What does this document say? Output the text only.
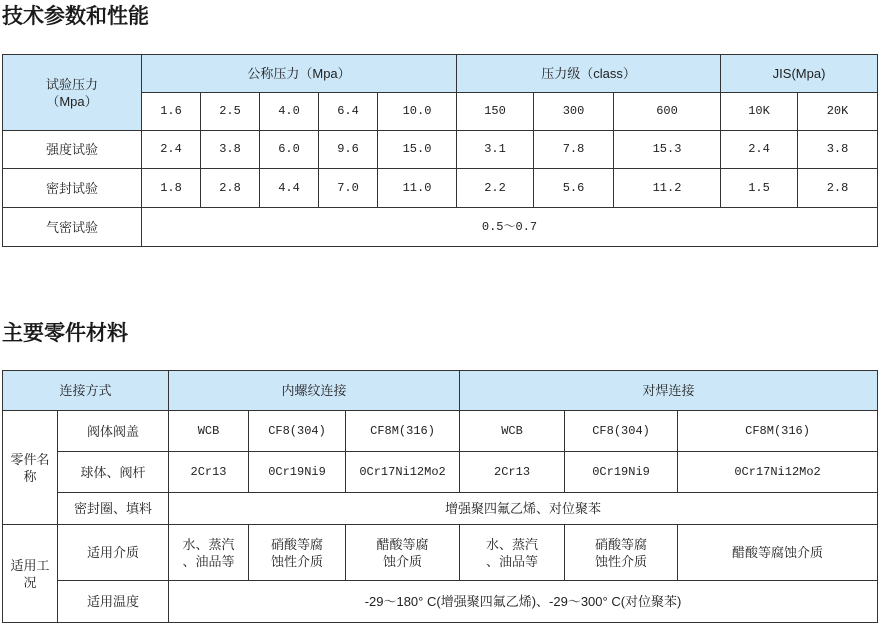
技术参数和性能
试验压力（Mpa）	公称压力（Mpa）					压力级（class）			JIS(Mpa)	
	1.6	2.5	4.0	6.4	10.0	150	300	600	10K	20K
强度试验	2.4	3.8	6.0	9.6	15.0	3.1	7.8	15.3	2.4	3.8
密封试验	1.8	2.8	4.4	7.0	11.0	2.2	5.6	11.2	1.5	2.8
气密试验	0.5～0.7									
主要零件材料
连接方式		内螺纹连接			对焊连接		
零件名称	阀体阀盖	WCB	CF8(304)	CF8M(316)	WCB	CF8(304)	CF8M(316)
	球体、阀杆	2Cr13	0Cr19Ni9	0Cr17Ni12Mo2	2Cr13	0Cr19Ni9	0Cr17Ni12Mo2
	密封圈、填料	增强聚四氟乙烯、对位聚苯					
适用工况	适用介质	水、蒸汽、油品等	硝酸等腐蚀性介质	醋酸等腐蚀介质	水、蒸汽、油品等	硝酸等腐蚀性介质	醋酸等腐蚀介质
	适用温度	-29～180° C(增强聚四氟乙烯)、-29～300° C(对位聚苯)					
